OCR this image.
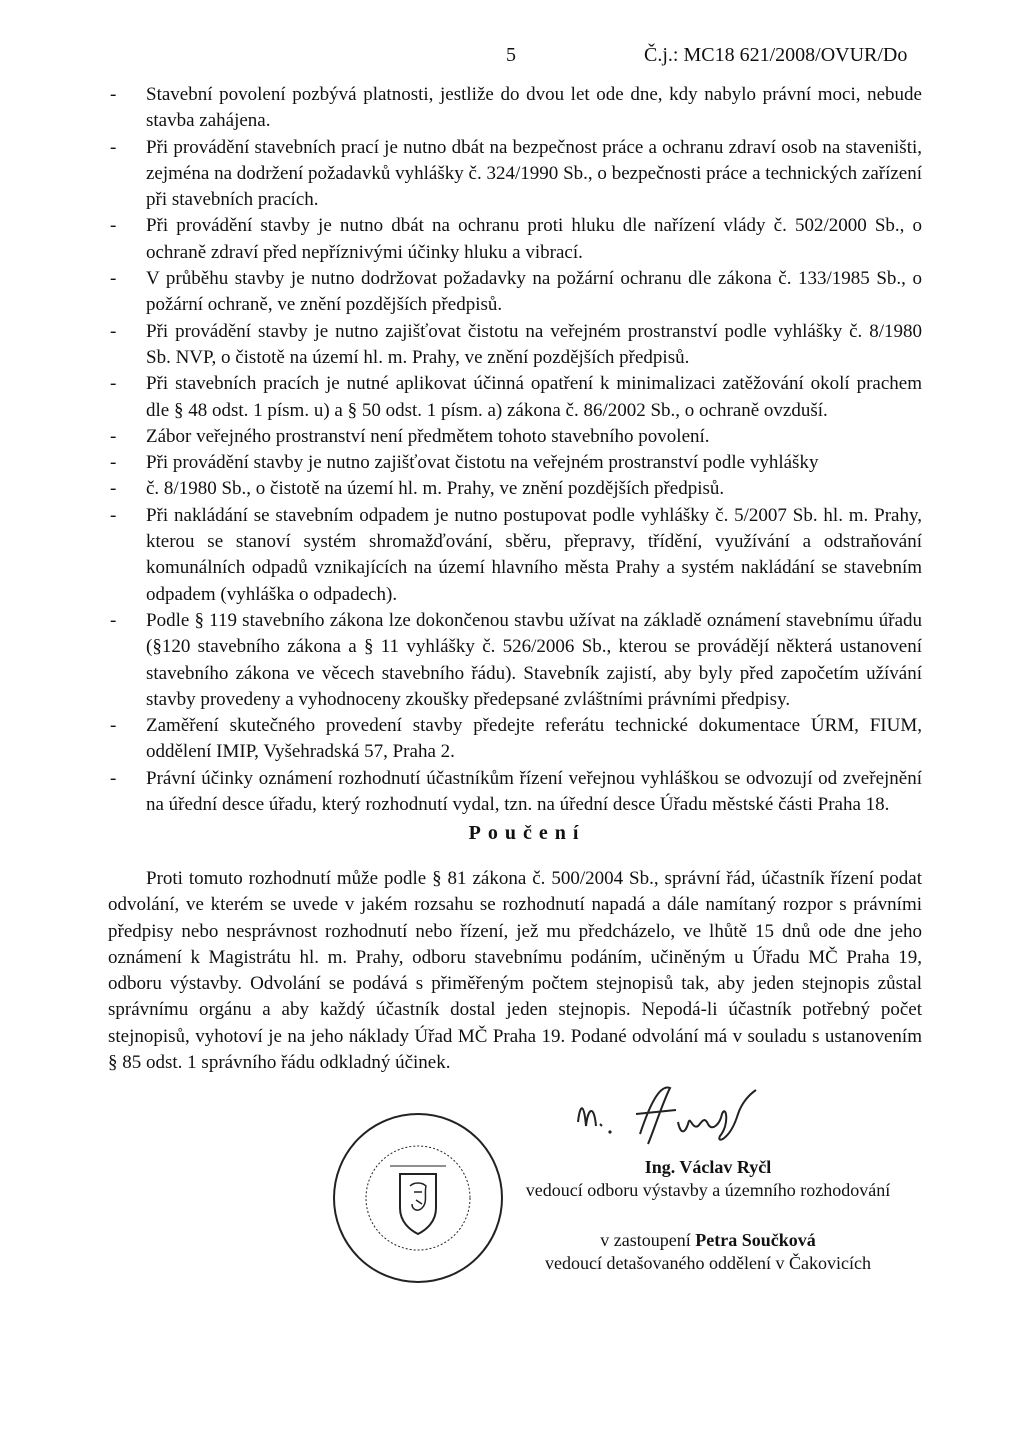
5	Č.j.: MC18 621/2008/OVUR/Do
- Stavební povolení pozbývá platnosti, jestliže do dvou let ode dne, kdy nabylo právní moci, nebude stavba zahájena.
- Při provádění stavebních prací je nutno dbát na bezpečnost práce a ochranu zdraví osob na staveništi, zejména na dodržení požadavků vyhlášky č. 324/1990 Sb., o bezpečnosti práce a technických zařízení při stavebních pracích.
- Při provádění stavby je nutno dbát na ochranu proti hluku dle nařízení vlády č. 502/2000 Sb., o ochraně zdraví před nepříznivými účinky hluku a vibrací.
- V průběhu stavby je nutno dodržovat požadavky na požární ochranu dle zákona č. 133/1985 Sb., o požární ochraně, ve znění pozdějších předpisů.
- Při provádění stavby je nutno zajišťovat čistotu na veřejném prostranství podle vyhlášky č. 8/1980 Sb. NVP, o čistotě na území hl. m. Prahy, ve znění pozdějších předpisů.
- Při stavebních pracích je nutné aplikovat účinná opatření k minimalizaci zatěžování okolí prachem dle § 48 odst. 1 písm. u) a § 50 odst. 1 písm. a) zákona č. 86/2002 Sb., o ochraně ovzduší.
- Zábor veřejného prostranství není předmětem tohoto stavebního povolení.
- Při provádění stavby je nutno zajišťovat čistotu na veřejném prostranství podle vyhlášky
- č. 8/1980 Sb., o čistotě na území hl. m. Prahy, ve znění pozdějších předpisů.
- Při nakládání se stavebním odpadem je nutno postupovat podle vyhlášky č. 5/2007 Sb. hl. m. Prahy, kterou se stanoví systém shromažďování, sběru, přepravy, třídění, využívání a odstraňování komunálních odpadů vznikajících na území hlavního města Prahy a systém nakládání se stavebním odpadem (vyhláška o odpadech).
- Podle § 119 stavebního zákona lze dokončenou stavbu užívat na základě oznámení stavebnímu úřadu (§120 stavebního zákona a § 11 vyhlášky č. 526/2006 Sb., kterou se provádějí některá ustanovení stavebního zákona ve věcech stavebního řádu). Stavebník zajistí, aby byly před započetím užívání stavby provedeny a vyhodnoceny zkoušky předepsané zvláštními právními předpisy.
- Zaměření skutečného provedení stavby předejte referátu technické dokumentace ÚRM, FIUM, oddělení IMIP, Vyšehradská 57, Praha 2.
- Právní účinky oznámení rozhodnutí účastníkům řízení veřejnou vyhláškou se odvozují od zveřejnění na úřední desce úřadu, který rozhodnutí vydal, tzn. na úřední desce Úřadu městské části Praha 18.
Poučení

Proti tomuto rozhodnutí může podle § 81 zákona č. 500/2004 Sb., správní řád, účastník řízení podat odvolání, ve kterém se uvede v jakém rozsahu se rozhodnutí napadá a dále namítaný rozpor s právními předpisy nebo nesprávnost rozhodnutí nebo řízení, jež mu předcházelo, ve lhůtě 15 dnů ode dne jeho oznámení k Magistrátu hl. m. Prahy, odboru stavebnímu podáním, učiněným u Úřadu MČ Praha 19, odboru výstavby. Odvolání se podává s přiměřeným počtem stejnopisů tak, aby jeden stejnopis zůstal správnímu orgánu a aby každý účastník dostal jeden stejnopis. Nepodá-li účastník potřebný počet stejnopisů, vyhotoví je na jeho náklady Úřad MČ Praha 19. Podané odvolání má v souladu s ustanovením § 85 odst. 1 správního řádu odkladný účinek.

Ing. Václav Ryčl
vedoucí odboru výstavby a územního rozhodování
v zastoupení Petra Součková
vedoucí detašovaného oddělení v Čakovicích
